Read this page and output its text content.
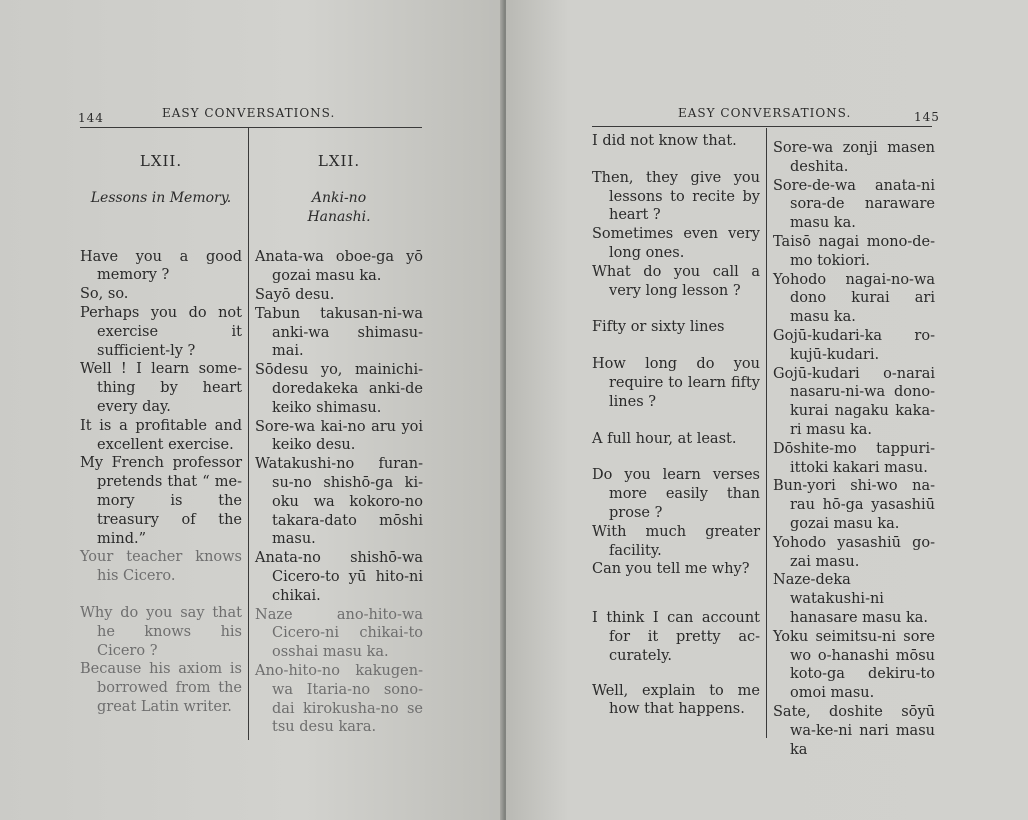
144	EASY CONVERSATIONS.
LXII.
Lessons in Memory.

Have you a good memory ?

So, so.

Perhaps you do not exercise it sufficient-ly ?

Well ! I learn some-thing by heart every day.

It is a profitable and excellent exercise.

My French professor pretends that “ me-mory is the treasury of the mind.”

Your teacher knows his Cicero.

Why do you say that he knows his Cicero ?

Because his axiom is borrowed from the great Latin writer.

LXII.
Anki-no Hanashi.

Anata-wa oboe-ga yō gozai masu ka.

Sayō desu.

Tabun takusan-ni-wa anki-wa shimasu-mai.

Sōdesu yo, mainichi-doredakeka anki-de keiko shimasu.

Sore-wa kai-no aru yoi keiko desu.

Watakushi-no furan-su-no shishō-ga ki-oku wa kokoro-no takara-dato mōshi masu.

Anata-no shishō-wa Cicero-to yū hito-ni chikai.

Naze ano-hito-wa Cicero-ni chikai-to osshai masu ka.

Ano-hito-no kakugen-wa Itaria-no sono-dai kirokusha-no se tsu desu kara.

EASY CONVERSATIONS.	145

I did not know that.

Then, they give you lessons to recite by heart ?

Sometimes even very long ones.

What do you call a very long lesson ?

Fifty or sixty lines

How long do you require to learn fifty lines ?

A full hour, at least.

Do you learn verses more easily than prose ?

With much greater facility.

Can you tell me why?

I think I can account for it pretty ac-curately.

Well, explain to me how that happens.

Sore-wa zonji masen deshita.

Sore-de-wa anata-ni sora-de naraware masu ka.

Taisō nagai mono-de-mo tokiori.

Yohodo nagai-no-wa dono kurai ari masu ka.

Gojū-kudari-ka ro-kujū-kudari.

Gojū-kudari o-narai nasaru-ni-wa dono-kurai nagaku kaka-ri masu ka.

Dōshite-mo tappuri-ittoki kakari masu.

Bun-yori shi-wo na-rau hō-ga yasashiū gozai masu ka.

Yohodo yasashiū go-zai masu.

Naze-deka watakushi-ni hanasare masu ka.

Yoku seimitsu-ni sore wo o-hanashi mōsu koto-ga dekiru-to omoi masu.

Sate, doshite sōyū wa-ke-ni nari masu ka
